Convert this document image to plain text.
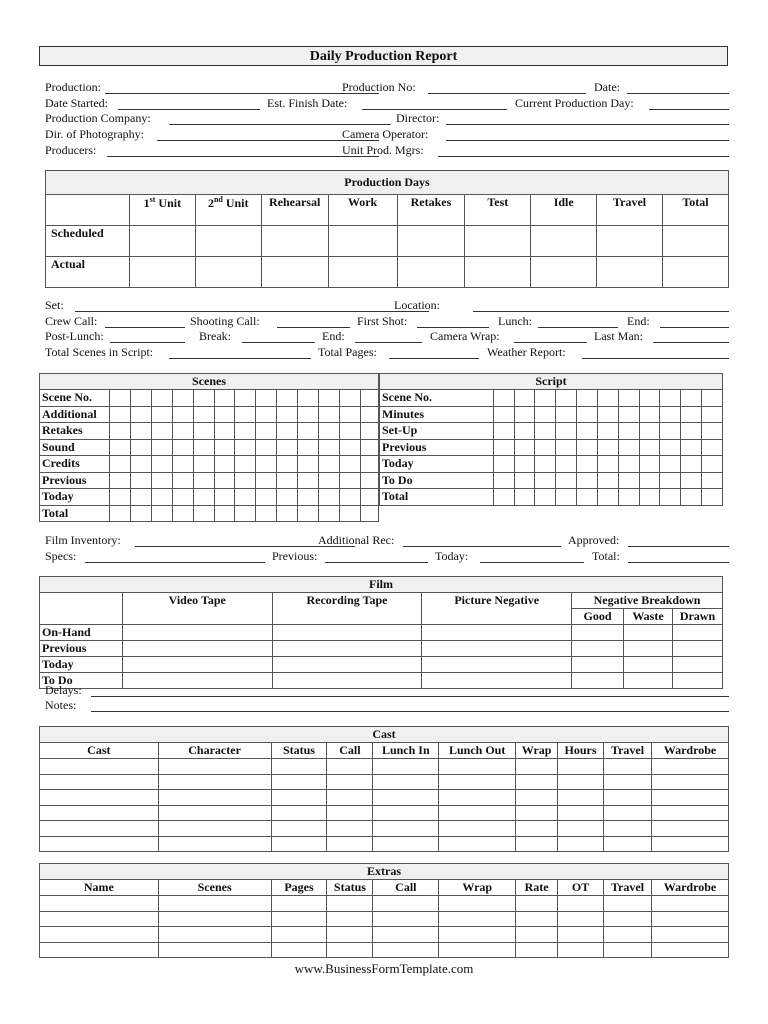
Daily Production Report
Production:	Production No:	Date:
Date Started:	Est. Finish Date:	Current Production Day:
Production Company:	Director:
Dir. of Photography:	Camera Operator:
Producers:	Unit Prod. Mgrs:
Production Days									
	1st Unit	2nd Unit	Rehearsal	Work	Retakes	Test	Idle	Travel	Total
Scheduled									
Actual									
Set:	Location:
Crew Call:	Shooting Call:	First Shot:	Lunch:	End:
Post-Lunch:	Break:	End:	Camera Wrap:	Last Man:
Total Scenes in Script:	Total Pages:	Weather Report:
Scenes													
Scene No.													
Additional													
Retakes													
Sound													
Credits													
Previous													
Today													
Total													
Script											
Scene No.											
Minutes											
Set-Up											
Previous											
Today											
To Do											
Total											
Film Inventory:	Additional Rec:	Approved:
Specs:	Previous:	Today:	Total:
Film						
	Video Tape	Recording Tape	Picture Negative	Negative Breakdown		
				Good	Waste	Drawn
On-Hand						
Previous						
Today						
To Do						
Delays:
Notes:
Cast									
Cast	Character	Status	Call	Lunch In	Lunch Out	Wrap	Hours	Travel	Wardrobe

Extras									
Name	Scenes	Pages	Status	Call	Wrap	Rate	OT	Travel	Wardrobe

www.BusinessFormTemplate.com
